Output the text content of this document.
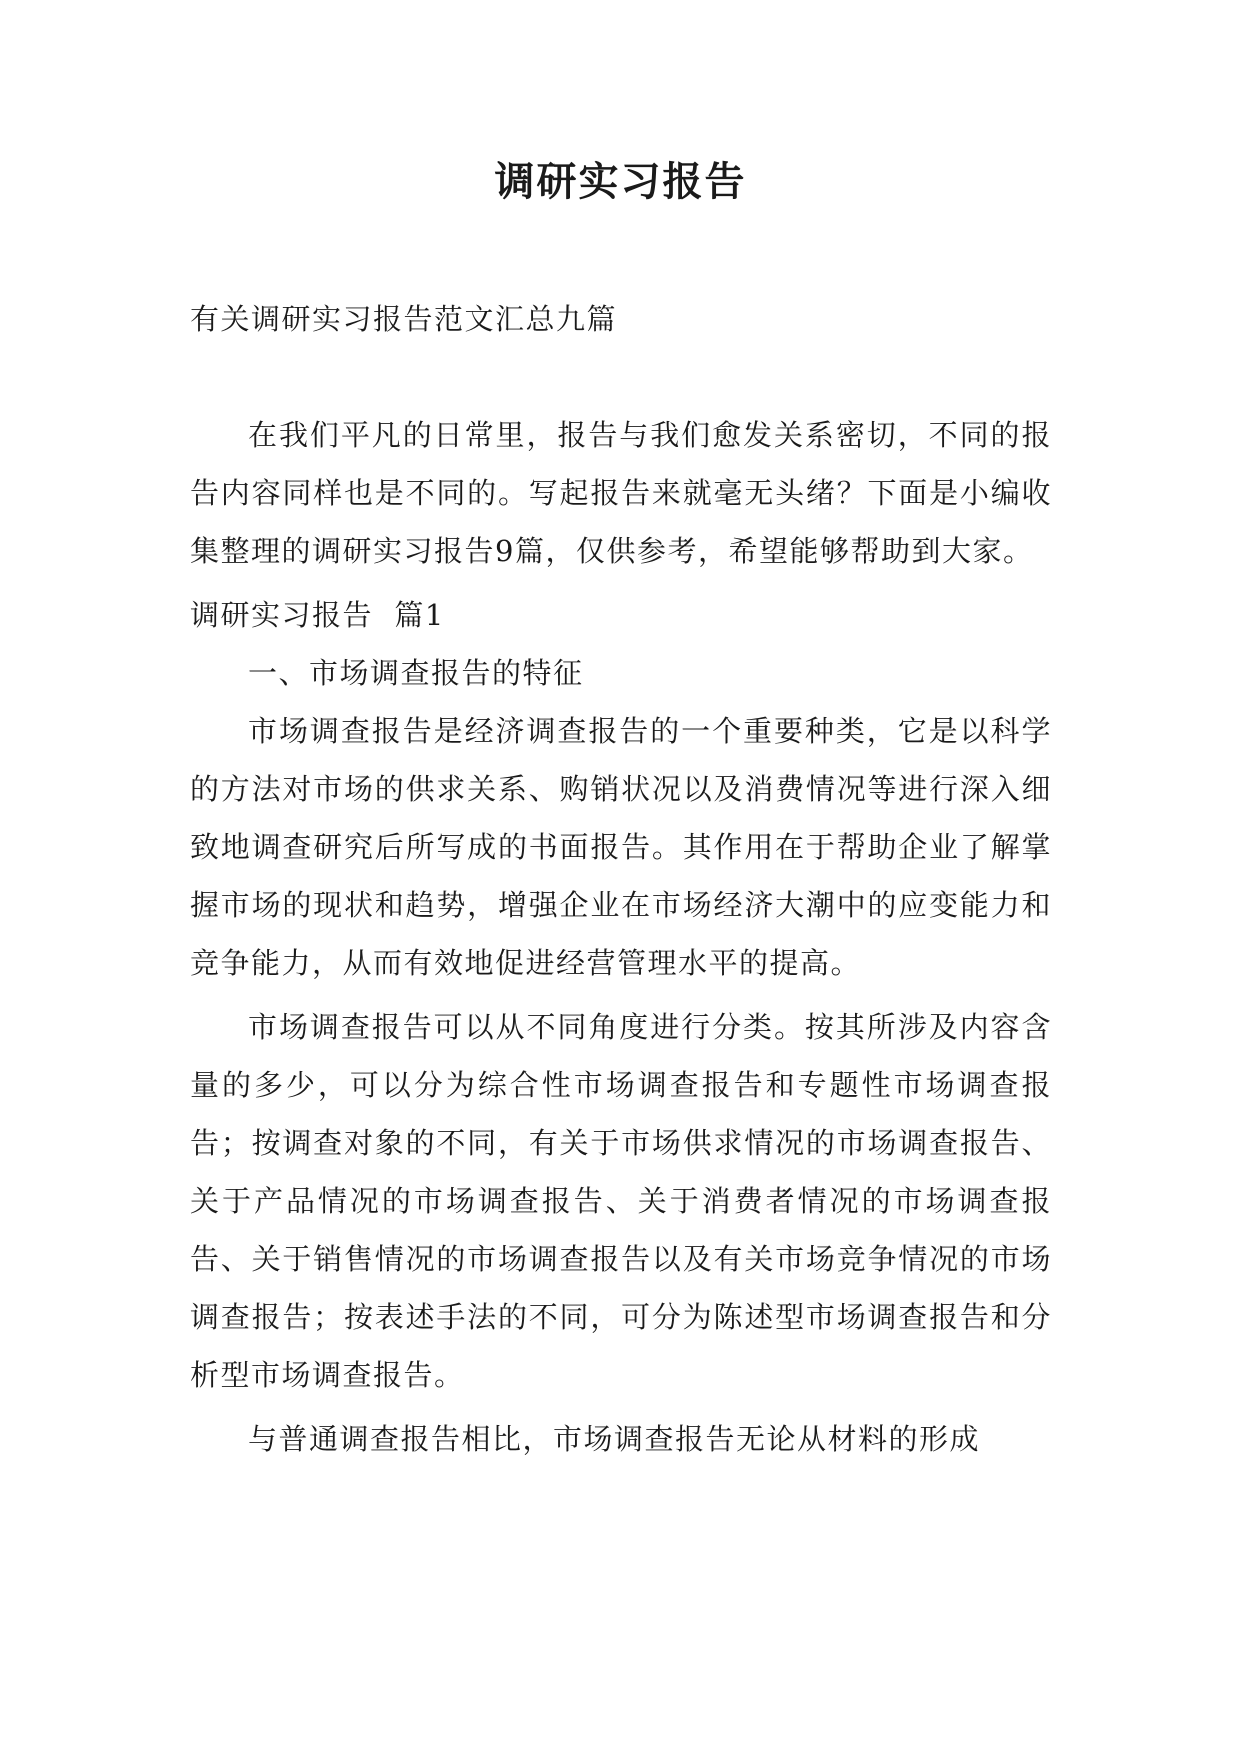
调研实习报告

有关调研实习报告范文汇总九篇

在我们平凡的日常里，报告与我们愈发关系密切，不同的报告内容同样也是不同的。写起报告来就毫无头绪？下面是小编收集整理的调研实习报告9篇，仅供参考，希望能够帮助到大家。

调研实习报告  篇1

一、市场调查报告的特征

市场调查报告是经济调查报告的一个重要种类，它是以科学的方法对市场的供求关系、购销状况以及消费情况等进行深入细致地调查研究后所写成的书面报告。其作用在于帮助企业了解掌握市场的现状和趋势，增强企业在市场经济大潮中的应变能力和竞争能力，从而有效地促进经营管理水平的提高。

市场调查报告可以从不同角度进行分类。按其所涉及内容含量的多少，可以分为综合性市场调查报告和专题性市场调查报告；按调查对象的不同，有关于市场供求情况的市场调查报告、关于产品情况的市场调查报告、关于消费者情况的市场调查报告、关于销售情况的市场调查报告以及有关市场竞争情况的市场调查报告；按表述手法的不同，可分为陈述型市场调查报告和分析型市场调查报告。

与普通调查报告相比，市场调查报告无论从材料的形成
